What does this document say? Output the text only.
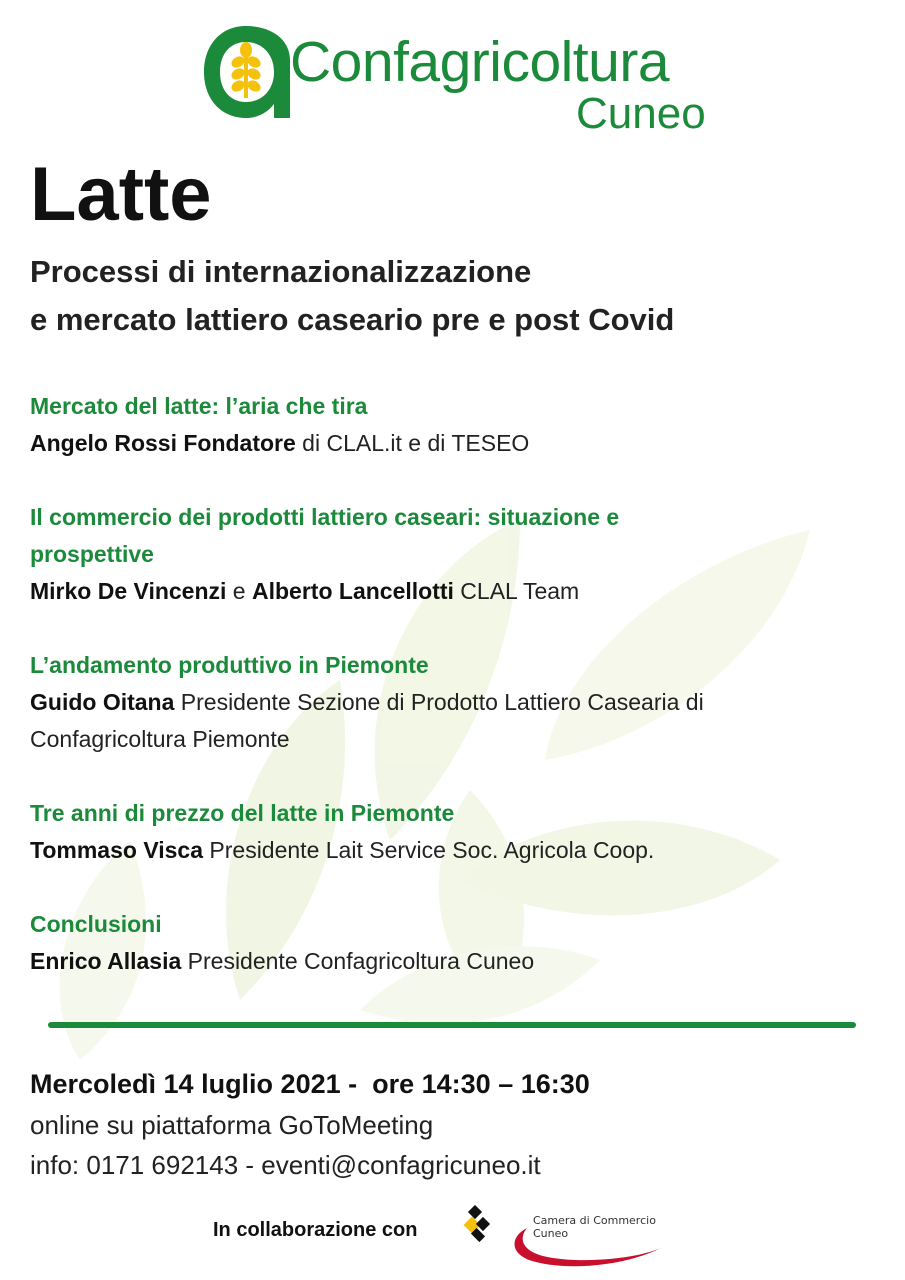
Confagricoltura
Cuneo
Latte
Processi di internazionalizzazione
e mercato lattiero caseario pre e post Covid
Mercato del latte: l’aria che tira
Angelo Rossi Fondatore di CLAL.it e di TESEO
Il commercio dei prodotti lattiero caseari: situazione e
prospettive
Mirko De Vincenzi e Alberto Lancellotti CLAL Team
L’andamento produttivo in Piemonte
Guido Oitana Presidente Sezione di Prodotto Lattiero Casearia di
Confagricoltura Piemonte
Tre anni di prezzo del latte in Piemonte
Tommaso Visca Presidente Lait Service Soc. Agricola Coop.
Conclusioni
Enrico Allasia Presidente Confagricoltura Cuneo
Mercoledì 14 luglio 2021 -  ore 14:30 – 16:30
online su piattaforma GoToMeeting
info: 0171 692143 - eventi@confagricuneo.it
In collaborazione con	Camera di Commercio
Cuneo
